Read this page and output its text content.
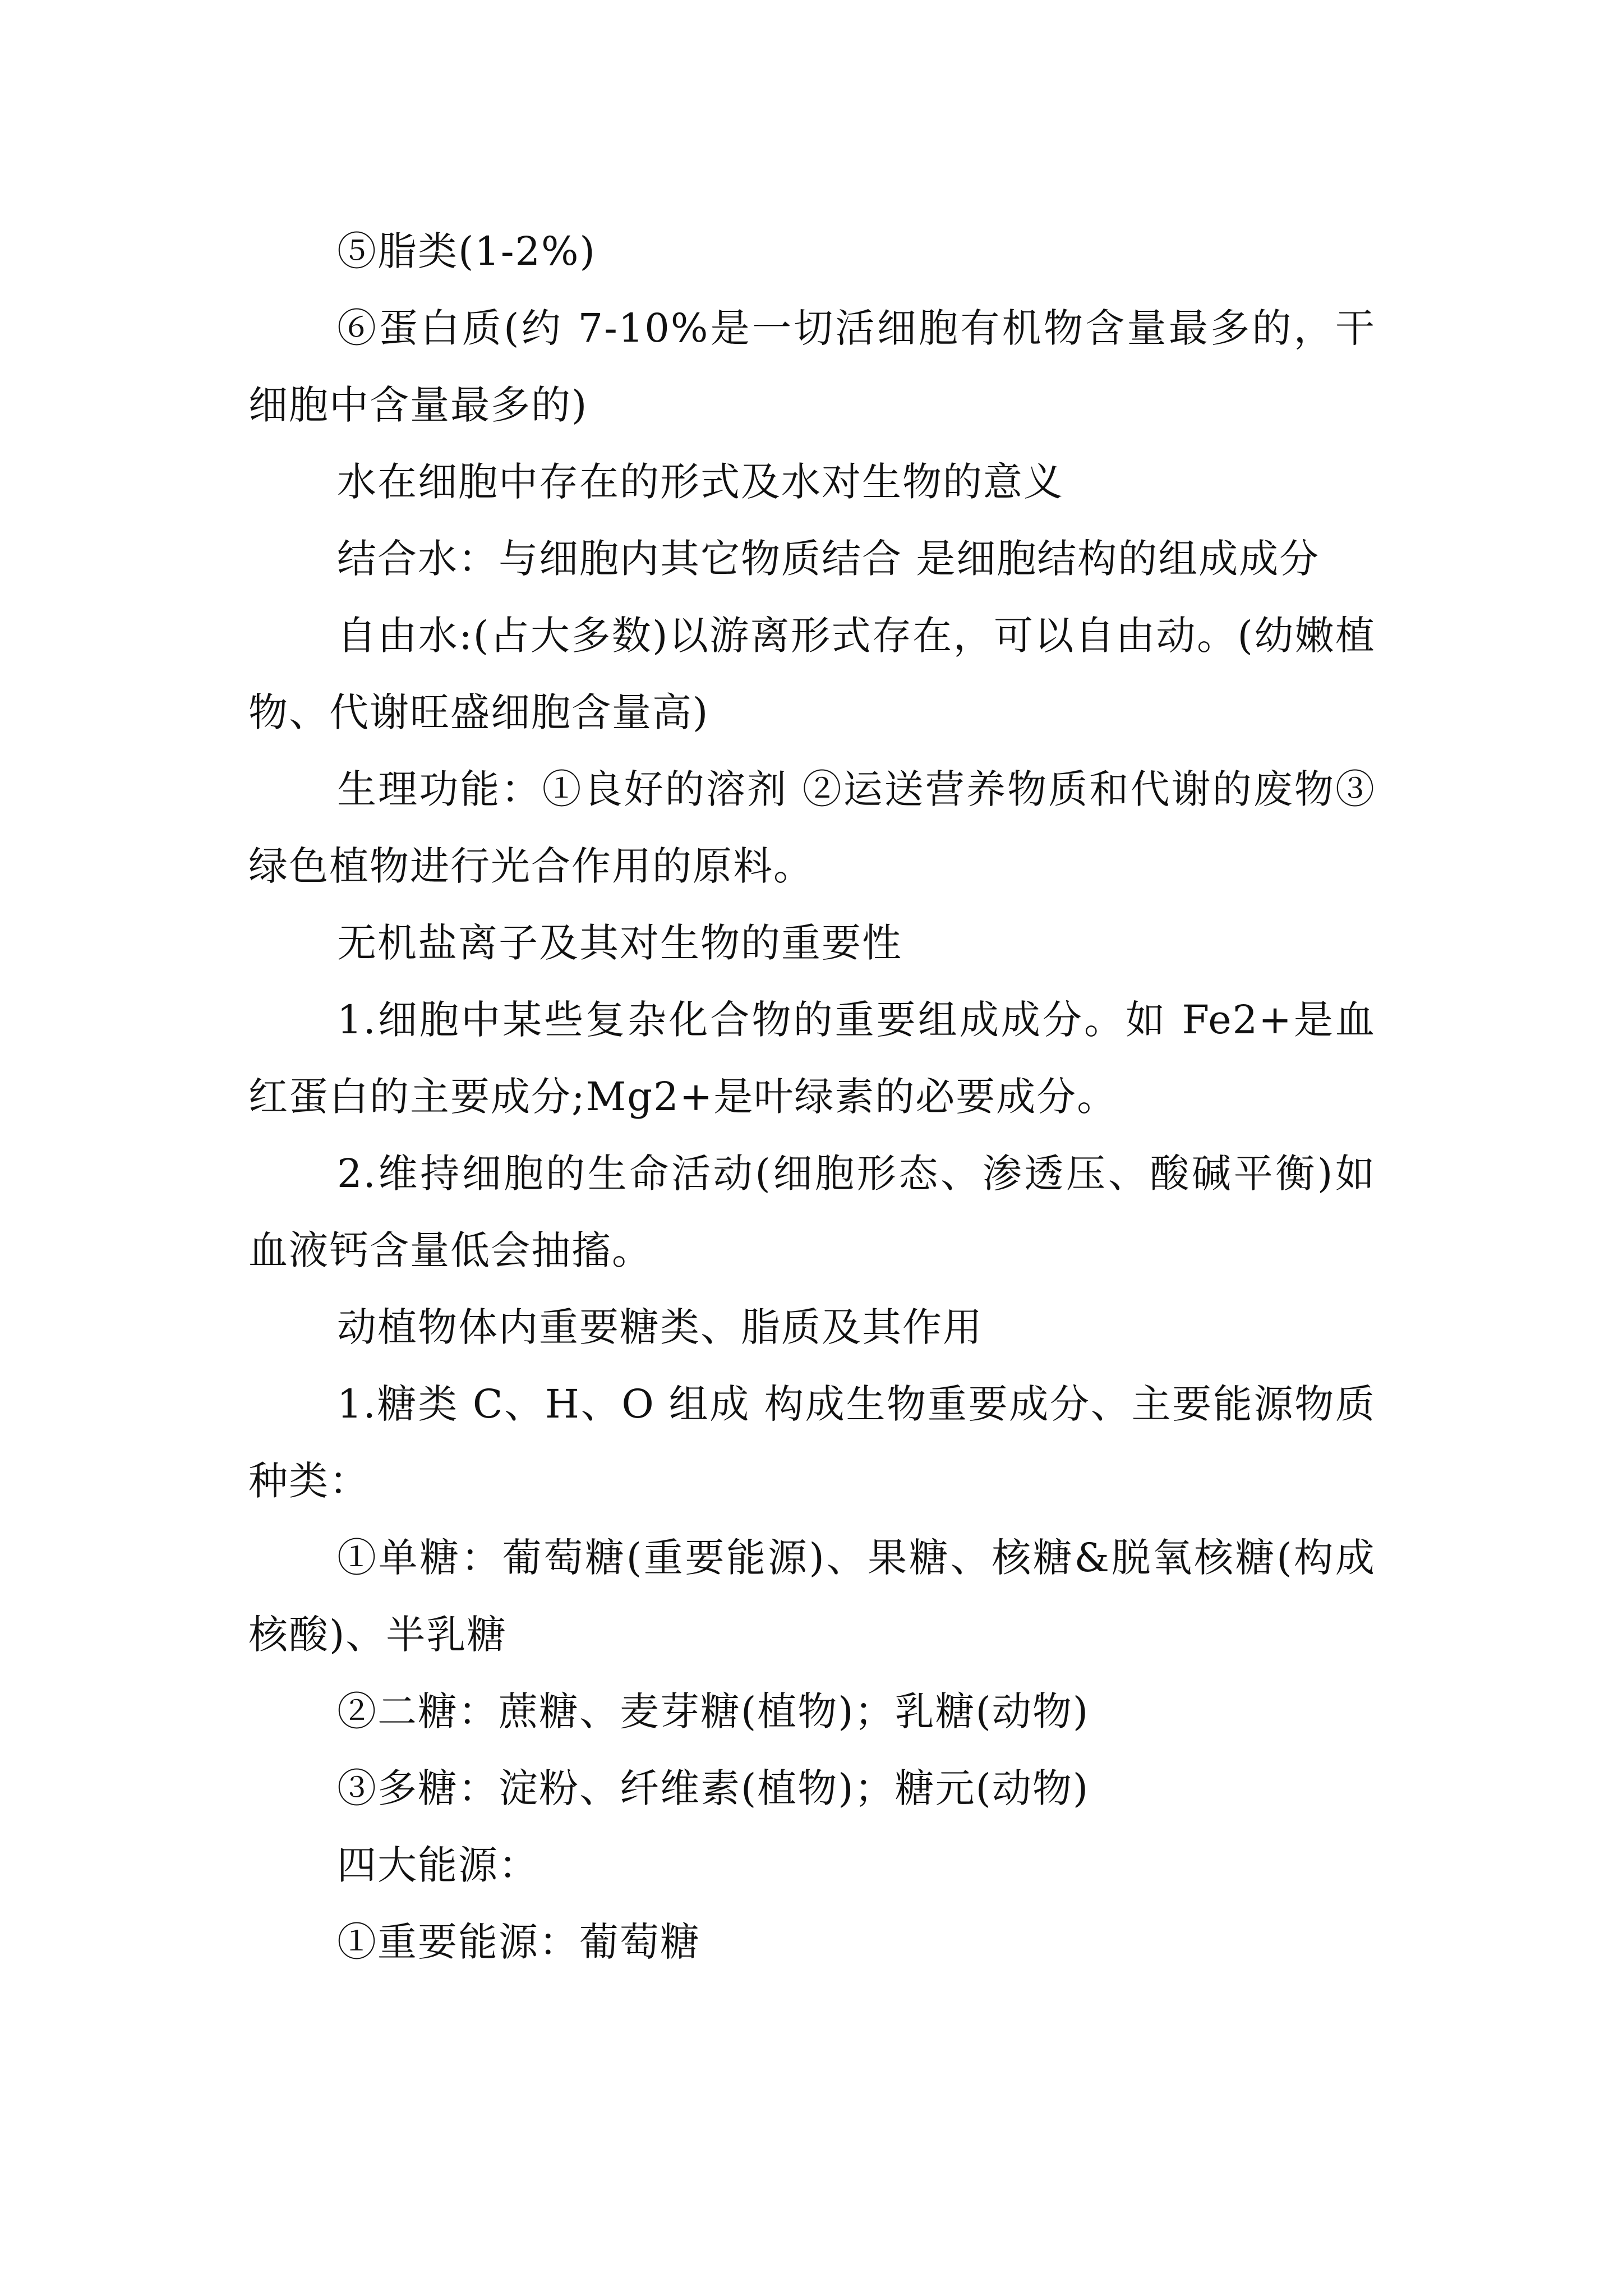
⑤脂类(1-2%)

⑥蛋白质(约 7-10%是一切活细胞有机物含量最多的，干细胞中含量最多的)

水在细胞中存在的形式及水对生物的意义

结合水：与细胞内其它物质结合 是细胞结构的组成成分

自由水:(占大多数)以游离形式存在，可以自由动。(幼嫩植物、代谢旺盛细胞含量高)

生理功能：①良好的溶剂 ②运送营养物质和代谢的废物③绿色植物进行光合作用的原料。

无机盐离子及其对生物的重要性

1.细胞中某些复杂化合物的重要组成成分。如 Fe2+是血红蛋白的主要成分;Mg2+是叶绿素的必要成分。

2.维持细胞的生命活动(细胞形态、渗透压、酸碱平衡)如血液钙含量低会抽搐。

动植物体内重要糖类、脂质及其作用

1.糖类 C、H、O 组成 构成生物重要成分、主要能源物质种类：

①单糖：葡萄糖(重要能源)、果糖、核糖&脱氧核糖(构成核酸)、半乳糖

②二糖：蔗糖、麦芽糖(植物)；乳糖(动物)

③多糖：淀粉、纤维素(植物)；糖元(动物)

四大能源：

①重要能源：葡萄糖
